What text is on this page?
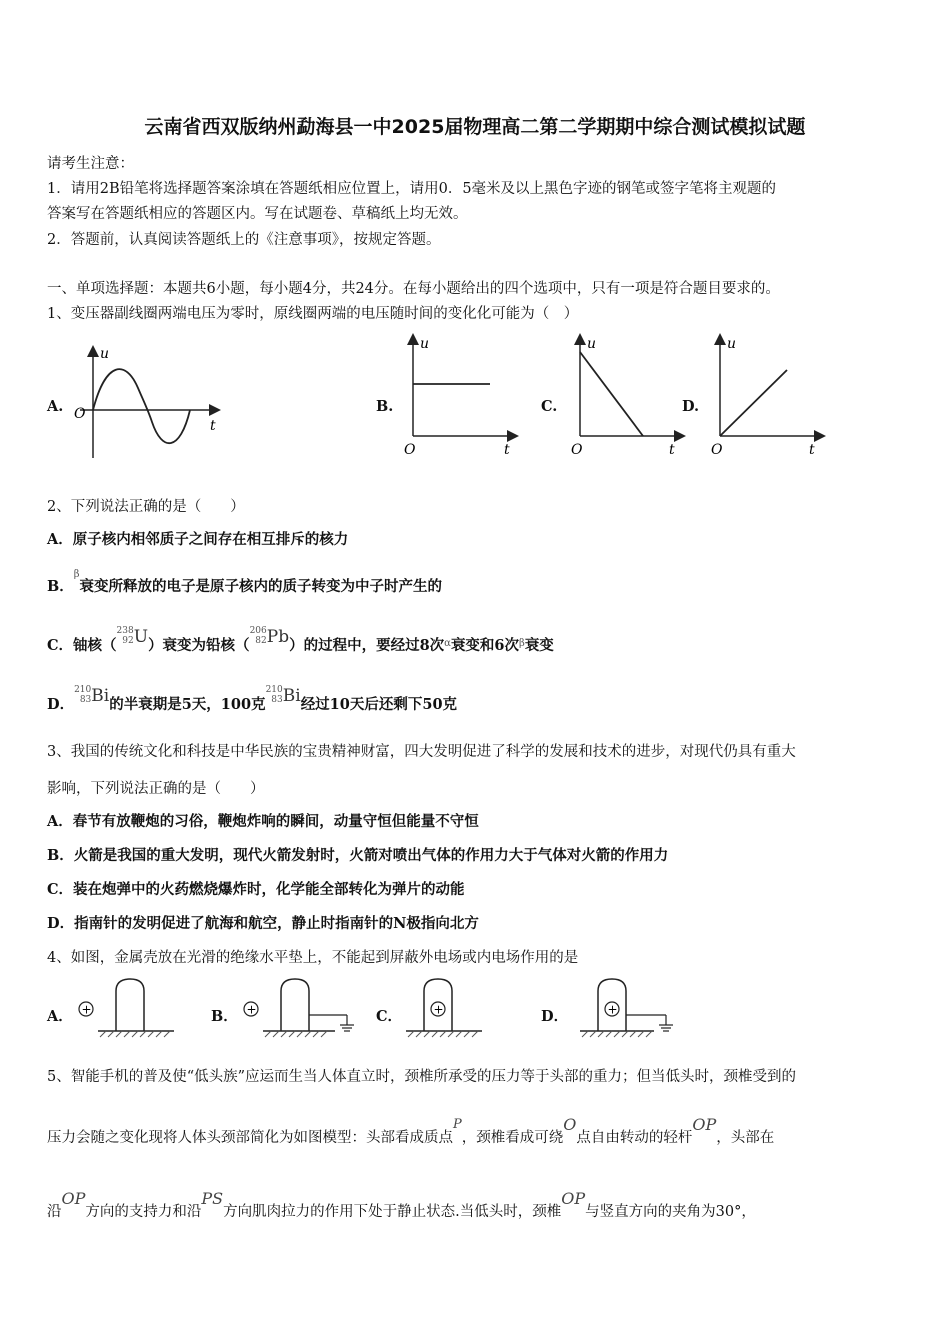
云南省西双版纳州勐海县一中2025届物理高二第二学期期中综合测试模拟试题
请考生注意：
1．请用2B铅笔将选择题答案涂填在答题纸相应位置上，请用0．5毫米及以上黑色字迹的钢笔或签字笔将主观题的
答案写在答题纸相应的答题区内。写在试题卷、草稿纸上均无效。
2．答题前，认真阅读答题纸上的《注意事项》，按规定答题。
一、单项选择题：本题共6小题，每小题4分，共24分。在每小题给出的四个选项中，只有一项是符合题目要求的。
1、变压器副线圈两端电压为零时，原线圈两端的电压随时间的变化化可能为（　）
A.
u
t
O	B.
u
t
O
C.
u
t
O
D.
u
t
O
2、下列说法正确的是（　　）
A．原子核内相邻质子之间存在相互排斥的核力
B．$^\beta$衰变所释放的电子是原子核内的质子转变为中子时产生的
C．铀核（238
92U）衰变为铅核（206
82Pb）的过程中，要经过8次$^\alpha$衰变和6次$^\beta$衰变
D．210
83Bi的半衰期是5天，100克210
83Bi经过10天后还剩下50克
3、我国的传统文化和科技是中华民族的宝贵精神财富，四大发明促进了科学的发展和技术的进步，对现代仍具有重大
影响，下列说法正确的是（　　）
A．春节有放鞭炮的习俗，鞭炮炸响的瞬间，动量守恒但能量不守恒
B．火箭是我国的重大发明，现代火箭发射时，火箭对喷出气体的作用力大于气体对火箭的作用力
C．装在炮弹中的火药燃烧爆炸时，化学能全部转化为弹片的动能
D．指南针的发明促进了航海和航空，静止时指南针的N极指向北方
4、如图，金属壳放在光滑的绝缘水平垫上，不能起到屏蔽外电场或内电场作用的是
A． +	B． +	C．	+	D．	+
5、智能手机的普及使“低头族”应运而生当人体直立时，颈椎所承受的压力等于头部的重力；但当低头时，颈椎受到的
压力会随之变化现将人体头颈部简化为如图模型：头部看成质点P，颈椎看成可绕O点自由转动的轻杆OP，头部在
沿OP方向的支持力和沿PS方向肌肉拉力的作用下处于静止状态.当低头时，颈椎OP与竖直方向的夹角为30°，
